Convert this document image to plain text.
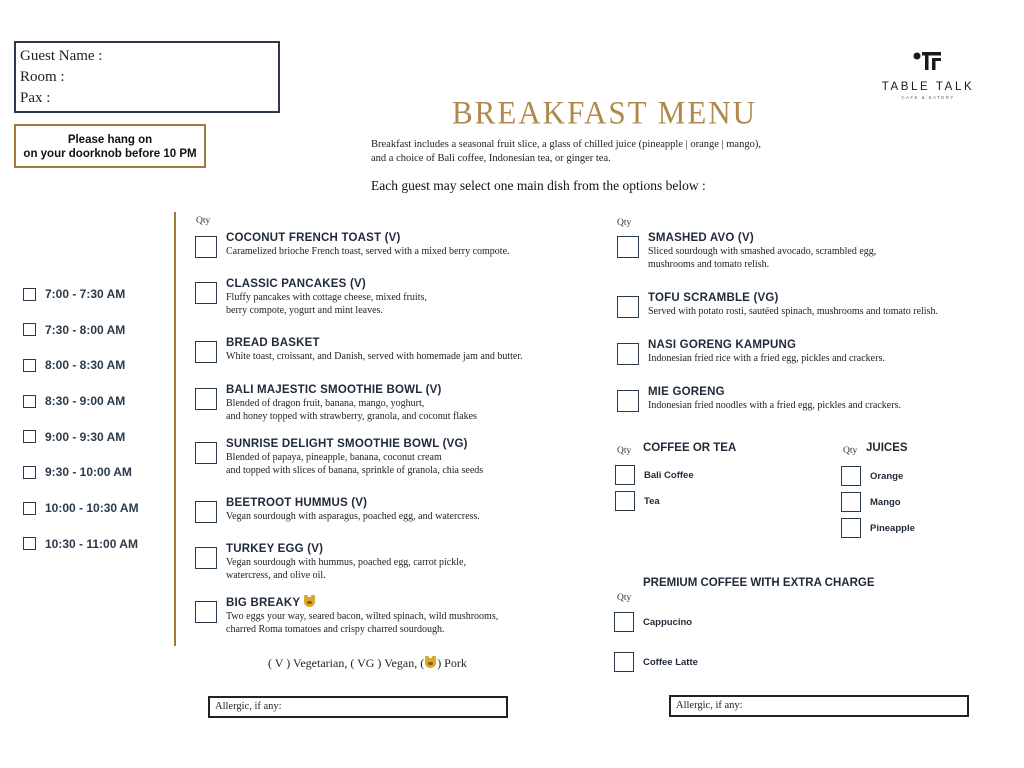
Guest Name :
Room :
Pax :
Please hang on
on your doorknob before 10 PM
TABLE TALK
CAFE & EATERY
BREAKFAST MENU
Breakfast includes a seasonal fruit slice, a glass of chilled juice (pineapple | orange | mango),
and a choice of Bali coffee, Indonesian tea, or ginger tea.
Each guest may select one main dish from the options below :
7:00 - 7:30 AM
7:30 - 8:00 AM
8:00 - 8:30 AM
8:30 - 9:00 AM
9:00 - 9:30 AM
9:30 - 10:00 AM
10:00 - 10:30 AM
10:30 - 11:00 AM
Qty
COCONUT FRENCH TOAST (V)
Caramelized brioche French toast, served with a mixed berry compote.
CLASSIC PANCAKES (V)
Fluffy pancakes with cottage cheese, mixed fruits,
berry compote, yogurt and mint leaves.
BREAD BASKET
White toast, croissant, and Danish, served with homemade jam and butter.
BALI MAJESTIC SMOOTHIE BOWL (V)
Blended of dragon fruit, banana, mango, yoghurt,
and honey topped with strawberry, granola, and coconut flakes
SUNRISE DELIGHT SMOOTHIE BOWL (VG)
Blended of papaya, pineapple, banana, coconut cream
and topped with slices of banana, sprinkle of granola, chia seeds
BEETROOT HUMMUS (V)
Vegan sourdough with asparagus, poached egg, and watercress.
TURKEY EGG (V)
Vegan sourdough with hummus, poached egg, carrot pickle,
watercress, and olive oil.
BIG BREAKY
Two eggs your way, seared bacon, wilted spinach, wild mushrooms,
charred Roma tomatoes and crispy charred sourdough.
( V ) Vegetarian, ( VG ) Vegan, ( ) Pork
Qty
SMASHED AVO (V)
Sliced sourdough with smashed avocado, scrambled egg,
mushrooms and tomato relish.
TOFU SCRAMBLE (VG)
Served with potato rosti, sautéed spinach, mushrooms and tomato relish.
NASI GORENG KAMPUNG
Indonesian fried rice with a fried egg, pickles and crackers.
MIE GORENG
Indonesian fried noodles with a fried egg, pickles and crackers.
Qty COFFEE OR TEA
Bali Coffee
Tea
Qty JUICES
Orange
Mango
Pineapple
PREMIUM COFFEE WITH EXTRA CHARGE
Qty
Cappucino
Coffee Latte
Allergic, if any:	Allergic, if any:
